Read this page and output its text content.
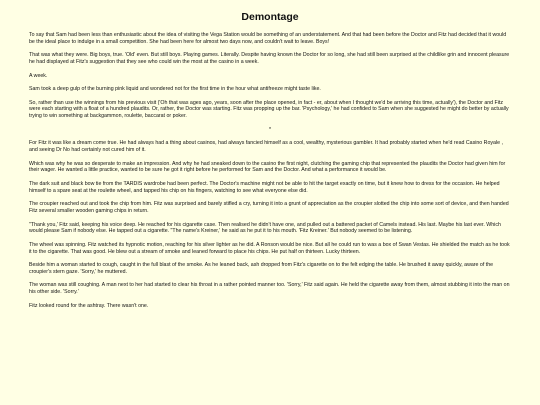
Demontage

To say that Sam had been less than enthusiastic about the idea of visiting the Vega Station would be something of an understatement. And that had been before the Doctor and Fitz had decided that it would be the ideal place to indulge in a small competition. She had been here for almost two days now, and couldn't wait to leave. Boys!

That was what they were. Big boys, true. 'Old' even. But still boys. Playing games. Literally. Despite having known the Doctor for so long, she had still been surprised at the childlike grin and innocent pleasure he had displayed at Fitz's suggestion that they see who could win the most at the casino in a week.

A week.

Sam took a deep gulp of the burning pink liquid and wondered not for the first time in the hour what antifreeze might taste like.

So, rather than use the winnings from his previous visit ('Oh that was ages ago, years, soon after the place opened, in fact - er, about when I thought we'd be arriving this time, actually'), the Doctor and Fitz were each starting with a float of a hundred plaudits. Or, rather, the Doctor was starting. Fitz was propping up the bar. 'Psychology,' he had confided to Sam when she suggested he might do better by actually trying to win something at backgammon, roulette, baccarat or poker.

*

For Fitz it was like a dream come true. He had always had a thing about casinos, had always fancied himself as a cool, wealthy, mysterious gambler. It had probably started when he'd read Casino Royale , and seeing Dr No had certainly not cured him of it.

Which was why he was so desperate to make an impression. And why he had sneaked down to the casino the first night, clutching the gaming chip that represented the plaudits the Doctor had given him for their wager. He wanted a little practice, wanted to be sure he got it right before he performed for Sam and the Doctor. And what a performance it would be.

The dark suit and black bow tie from the TARDIS wardrobe had been perfect. The Doctor's machine might not be able to hit the target exactly on time, but it knew how to dress for the occasion. He helped himself to a spare seat at the roulette wheel, and tapped his chip on his fingers, watching to see what everyone else did.

The croupier reached out and took the chip from him. Fitz was surprised and barely stifled a cry, turning it into a grunt of appreciation as the croupier slotted the chip into some sort of device, and then handed Fitz several smaller wooden gaming chips in return.

"Thank you,' Fitz said, keeping his voice deep. He reached for his cigarette case. Then realised he didn't have one, and pulled out a battered packet of Camels instead. His last. Maybe his last ever. Which would please Sam if nobody else. He tapped out a cigarette. "The name's Kreiner,' he said as he put it to his mouth. 'Fitz Kreiner.' But nobody seemed to be listening.

The wheel was spinning. Fitz watched its hypnotic motion, reaching for his silver lighter as he did. A Ronson would be nice. But all he could run to was a box of Swan Vestas. He shielded the match as he took it to the cigarette. That was good. He blew out a stream of smoke and leaned forward to place his chips. He put half on thirteen. Lucky thirteen.

Beside him a woman started to cough, caught in the full blast of the smoke. As he leaned back, ash dropped from Fitz's cigarette on to the felt edging the table. He brushed it away quickly, aware of the croupier's stern gaze. 'Sorry,' he muttered.

The woman was still coughing. A man next to her had started to clear his throat in a rather pointed manner too. 'Sorry,' Fitz said again. He held the cigarette away from them, almost stubbing it into the man on his other side. 'Sorry.'

Fitz looked round for the ashtray. There wasn't one.
